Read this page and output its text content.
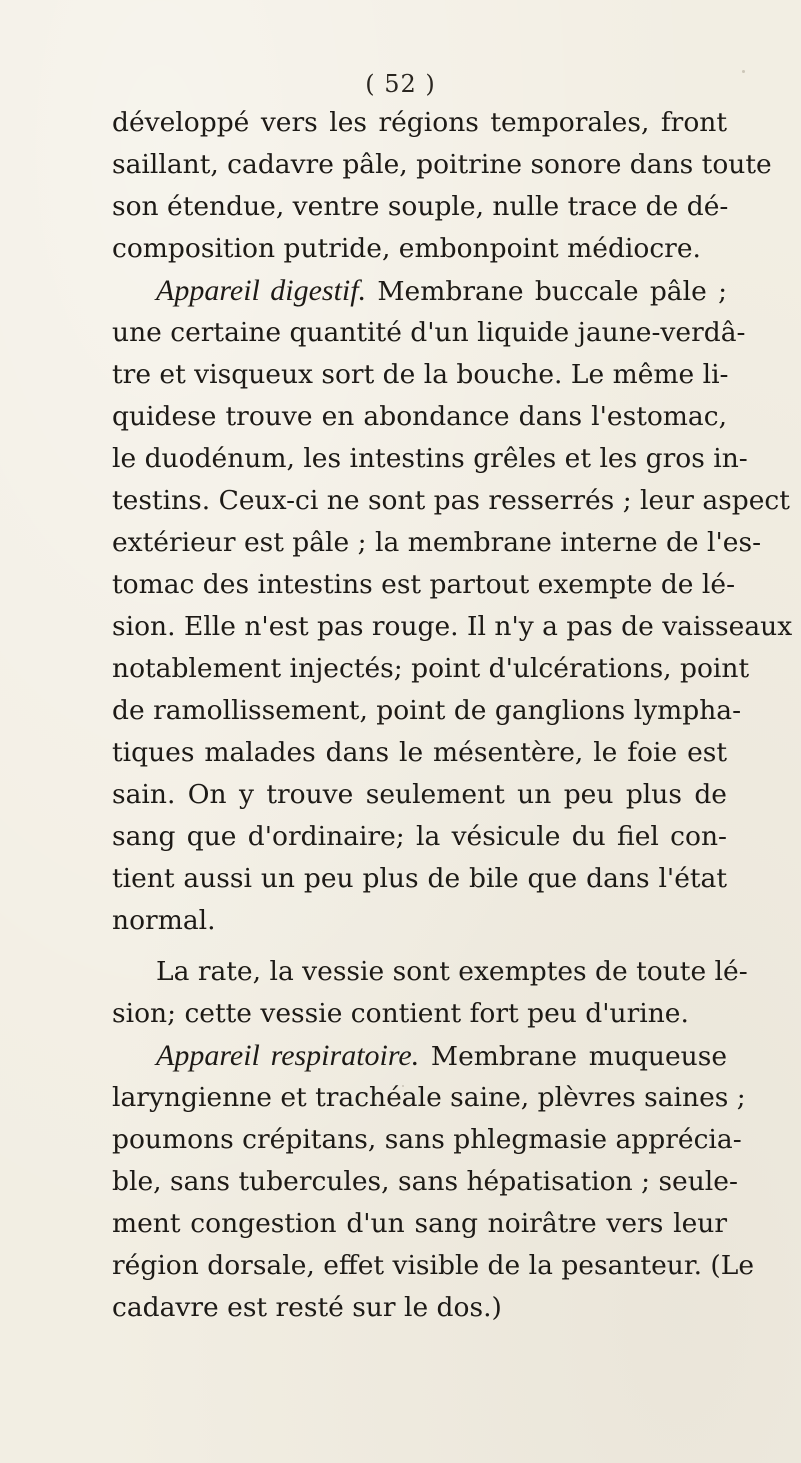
( 52 )
développé vers les régions temporales, front
saillant, cadavre pâle, poitrine sonore dans toute
son étendue, ventre souple, nulle trace de dé-
composition putride, embonpoint médiocre.
Appareil digestif. Membrane buccale pâle ;
une certaine quantité d'un liquide jaune-verdâ-
tre et visqueux sort de la bouche. Le même li-
quidese trouve en abondance dans l'estomac,
le duodénum, les intestins grêles et les gros in-
testins. Ceux-ci ne sont pas resserrés ; leur aspect
extérieur est pâle ; la membrane interne de l'es-
tomac des intestins est partout exempte de lé-
sion. Elle n'est pas rouge. Il n'y a pas de vaisseaux
notablement injectés; point d'ulcérations, point
de ramollissement, point de ganglions lympha-
tiques malades dans le mésentère, le foie est
sain. On y trouve seulement un peu plus de
sang que d'ordinaire; la vésicule du fiel con-
tient aussi un peu plus de bile que dans l'état
normal.
La rate, la vessie sont exemptes de toute lé-
sion; cette vessie contient fort peu d'urine.
Appareil respiratoire. Membrane muqueuse
laryngienne et trachéale saine, plèvres saines ;
poumons crépitans, sans phlegmasie apprécia-
ble, sans tubercules, sans hépatisation ; seule-
ment congestion d'un sang noirâtre vers leur
région dorsale, effet visible de la pesanteur. (Le
cadavre est resté sur le dos.)
